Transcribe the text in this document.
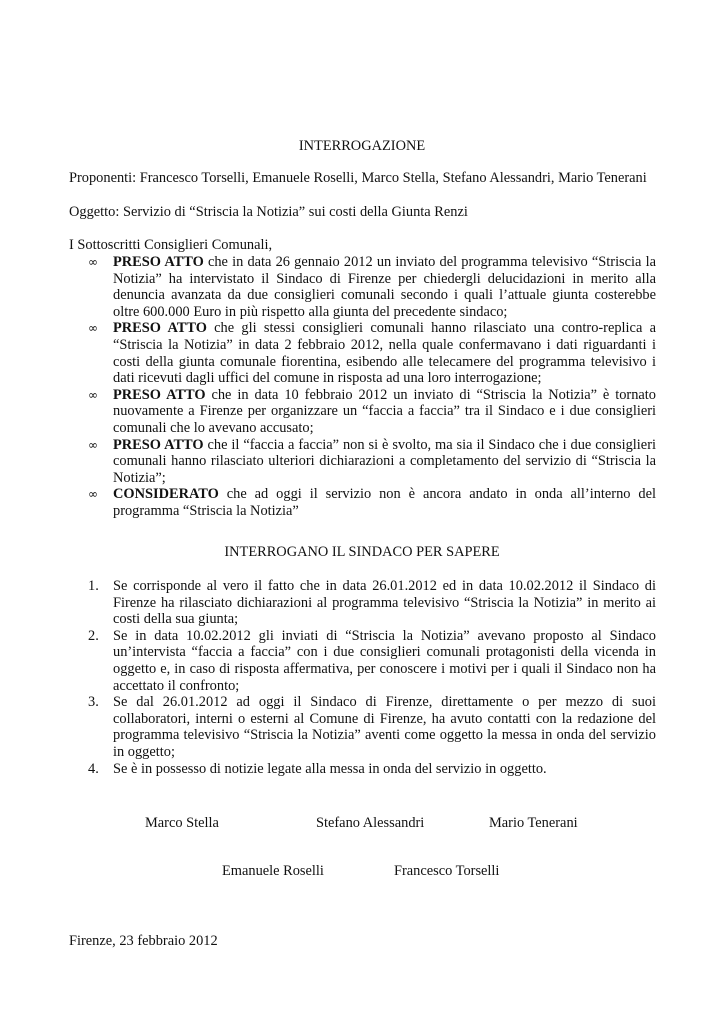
INTERROGAZIONE
Proponenti: Francesco Torselli, Emanuele Roselli, Marco Stella, Stefano Alessandri, Mario Tenerani
Oggetto: Servizio di “Striscia la Notizia” sui costi della Giunta Renzi
I Sottoscritti Consiglieri Comunali,
∞ PRESO ATTO che in data 26 gennaio 2012 un inviato del programma televisivo “Striscia la Notizia” ha intervistato il Sindaco di Firenze per chiedergli delucidazioni in merito alla denuncia avanzata da due consiglieri comunali secondo i quali l’attuale giunta costerebbe oltre 600.000 Euro in più rispetto alla giunta del precedente sindaco;
∞ PRESO ATTO che gli stessi consiglieri comunali hanno rilasciato una contro-replica a “Striscia la Notizia” in data 2 febbraio 2012, nella quale confermavano i dati riguardanti i costi della giunta comunale fiorentina, esibendo alle telecamere del programma televisivo i dati ricevuti dagli uffici del comune in risposta ad una loro interrogazione;
∞ PRESO ATTO che in data 10 febbraio 2012 un inviato di “Striscia la Notizia” è tornato nuovamente a Firenze per organizzare un “faccia a faccia” tra il Sindaco e i due consiglieri comunali che lo avevano accusato;
∞ PRESO ATTO che il “faccia a faccia” non si è svolto, ma sia il Sindaco che i due consiglieri comunali hanno rilasciato ulteriori dichiarazioni a completamento del servizio di “Striscia la Notizia”;
∞ CONSIDERATO che ad oggi il servizio non è ancora andato in onda all’interno del programma “Striscia la Notizia”
INTERROGANO IL SINDACO PER SAPERE
1. Se corrisponde al vero il fatto che in data 26.01.2012 ed in data 10.02.2012 il Sindaco di Firenze ha rilasciato dichiarazioni al programma televisivo “Striscia la Notizia” in merito ai costi della sua giunta;
2. Se in data 10.02.2012 gli inviati di “Striscia la Notizia” avevano proposto al Sindaco un’intervista “faccia a faccia” con i due consiglieri comunali protagonisti della vicenda in oggetto e, in caso di risposta affermativa, per conoscere i motivi per i quali il Sindaco non ha accettato il confronto;
3. Se dal 26.01.2012 ad oggi il Sindaco di Firenze, direttamente o per mezzo di suoi collaboratori, interni o esterni al Comune di Firenze, ha avuto contatti con la redazione del programma televisivo “Striscia la Notizia” aventi come oggetto la messa in onda del servizio in oggetto;
4. Se è in possesso di notizie legate alla messa in onda del servizio in oggetto.
Marco Stella	Stefano Alessandri	Mario Tenerani
Emanuele Roselli	Francesco Torselli
Firenze, 23 febbraio 2012
